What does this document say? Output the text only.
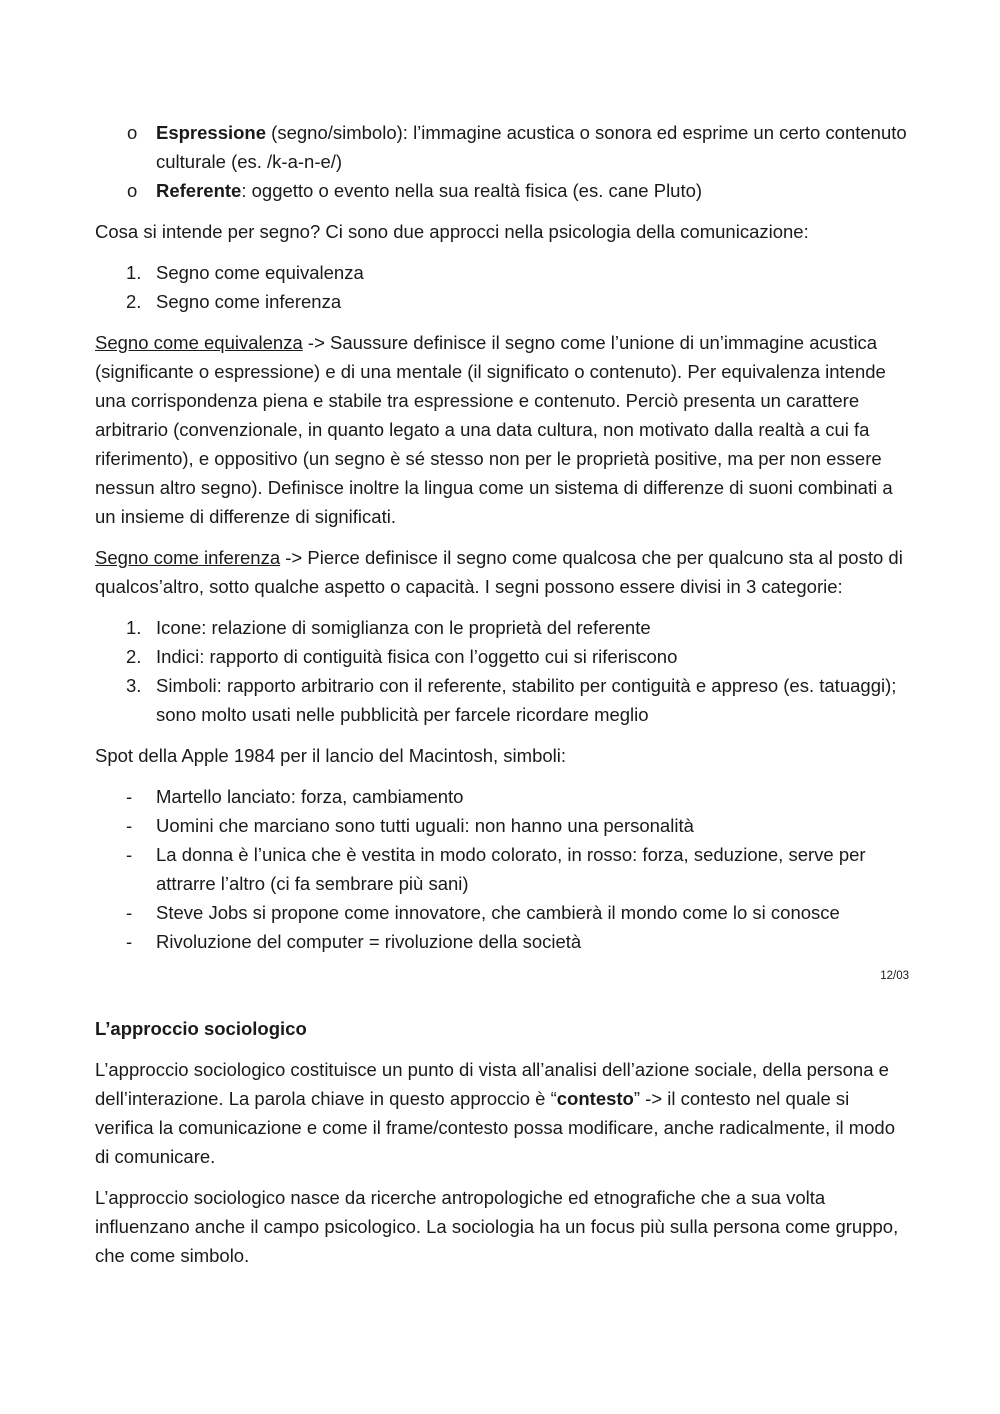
o Espressione (segno/simbolo): l’immagine acustica o sonora ed esprime un certo contenuto culturale (es. /k-a-n-e/)
o Referente: oggetto o evento nella sua realtà fisica (es. cane Pluto)

Cosa si intende per segno? Ci sono due approcci nella psicologia della comunicazione:

1. Segno come equivalenza
2. Segno come inferenza

Segno come equivalenza -> Saussure definisce il segno come l’unione di un’immagine acustica (significante o espressione) e di una mentale (il significato o contenuto). Per equivalenza intende una corrispondenza piena e stabile tra espressione e contenuto. Perciò presenta un carattere arbitrario (convenzionale, in quanto legato a una data cultura, non motivato dalla realtà a cui fa riferimento), e oppositivo (un segno è sé stesso non per le proprietà positive, ma per non essere nessun altro segno). Definisce inoltre la lingua come un sistema di differenze di suoni combinati a un insieme di differenze di significati.

Segno come inferenza -> Pierce definisce il segno come qualcosa che per qualcuno sta al posto di qualcos’altro, sotto qualche aspetto o capacità. I segni possono essere divisi in 3 categorie:

1. Icone: relazione di somiglianza con le proprietà del referente
2. Indici: rapporto di contiguità fisica con l’oggetto cui si riferiscono
3. Simboli: rapporto arbitrario con il referente, stabilito per contiguità e appreso (es. tatuaggi); sono molto usati nelle pubblicità per farcele ricordare meglio

Spot della Apple 1984 per il lancio del Macintosh, simboli:

- Martello lanciato: forza, cambiamento
- Uomini che marciano sono tutti uguali: non hanno una personalità
- La donna è l’unica che è vestita in modo colorato, in rosso: forza, seduzione, serve per attrarre l’altro (ci fa sembrare più sani)
- Steve Jobs si propone come innovatore, che cambierà il mondo come lo si conosce
- Rivoluzione del computer = rivoluzione della società
12/03

L’approccio sociologico

L’approccio sociologico costituisce un punto di vista all’analisi dell’azione sociale, della persona e dell’interazione. La parola chiave in questo approccio è “contesto” -> il contesto nel quale si verifica la comunicazione e come il frame/contesto possa modificare, anche radicalmente, il modo di comunicare.

L’approccio sociologico nasce da ricerche antropologiche ed etnografiche che a sua volta influenzano anche il campo psicologico. La sociologia ha un focus più sulla persona come gruppo, che come simbolo.
